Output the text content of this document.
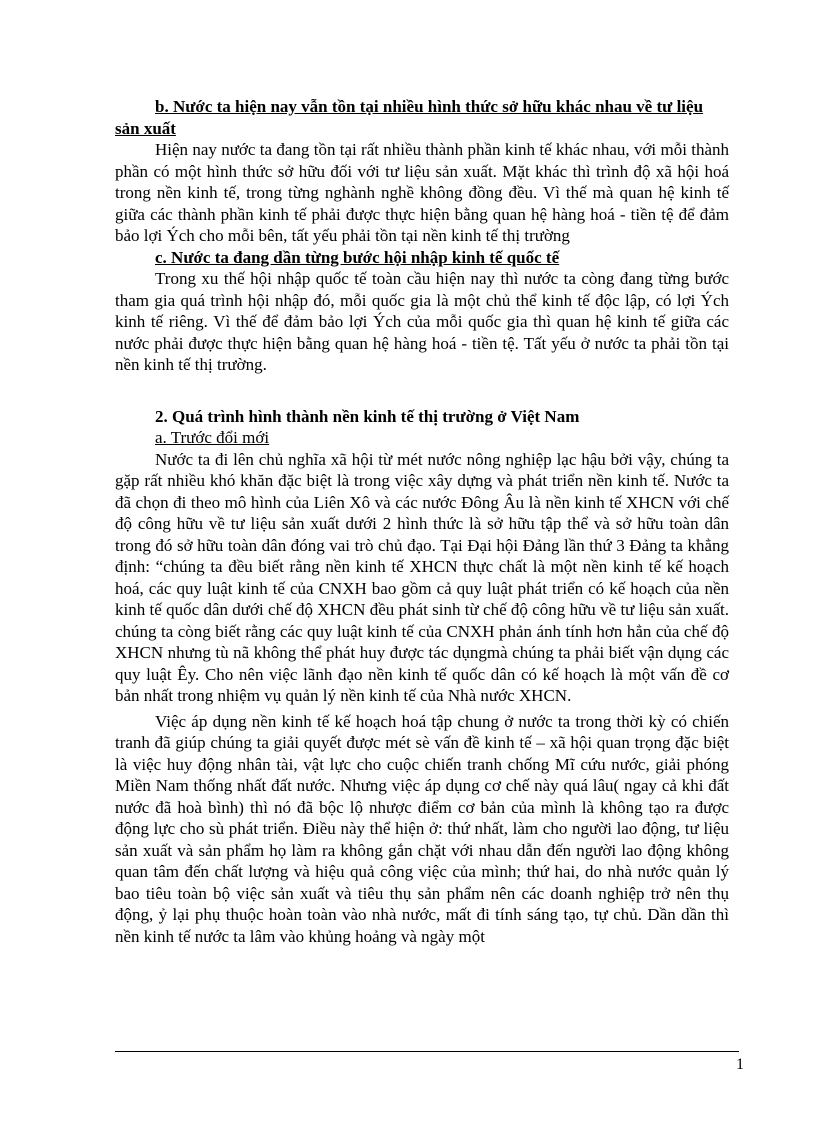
b. Nước ta hiện nay vẫn tồn tại nhiều hình thức sở hữu khác nhau về tư liệu sản xuất

Hiện nay nước ta đang tồn tại rất nhiều thành phần kinh tế khác nhau, với mỗi thành phần có một hình thức sở hữu đối với tư liệu sản xuất. Mặt khác thì trình độ xã hội hoá trong nền kinh tế, trong từng nghành nghề không đồng đều. Vì thế mà quan hệ kinh tế giữa các thành phần kinh tế phải được thực hiện bằng quan hệ hàng hoá - tiền tệ để đảm bảo lợi Ých cho mỗi bên, tất yếu phải tồn tại nền kinh tế thị trường

c. Nước ta đang dần từng bước hội nhập kinh tế quốc tế

Trong xu thế hội nhập quốc tế toàn cầu hiện nay thì nước ta còng đang từng bước tham gia quá trình hội nhập đó, mỗi quốc gia là một chủ thể kinh tế độc lập, có lợi Ých kinh tế riêng. Vì thế để đảm bảo lợi Ých của mỗi quốc gia thì quan hệ kinh tế giữa các nước phải được thực hiện bằng quan hệ hàng hoá - tiền tệ. Tất yếu ở nước ta phải tồn tại nền kinh tế thị trường.

2. Quá trình hình thành nền kinh tế thị trường ở Việt Nam

a. Trước đổi mới

Nước ta đi lên chủ nghĩa xã hội từ mét nước nông nghiệp lạc hậu bởi vậy, chúng ta gặp rất nhiều khó khăn đặc biệt là trong việc xây dựng và phát triển nền kinh tế. Nước ta đã chọn đi theo mô hình của Liên Xô và các nước Đông Âu là nền kinh tế XHCN với chế độ công hữu về tư liệu sản xuất dưới 2 hình thức là sở hữu tập thể và sở hữu toàn dân trong đó sở hữu toàn dân đóng vai trò chủ đạo. Tại Đại hội Đảng lần thứ 3 Đảng ta khẳng định: “chúng ta đều biết rằng nền kinh tế XHCN thực chất là một nền kinh tế kế hoạch hoá, các quy luật kinh tế của CNXH bao gồm cả quy luật phát triển có kế hoạch của nền kinh tế quốc dân dưới chế độ XHCN đều phát sinh từ chế độ công hữu về tư liệu sản xuất. chúng ta còng biết rằng các quy luật kinh tế của CNXH phản ánh tính hơn hẳn của chế độ XHCN nhưng tù nã không thể phát huy được tác dụngmà chúng ta phải biết vận dụng các quy luật Êy. Cho nên việc lãnh đạo nền kinh tế quốc dân có kế hoạch là một vấn đề cơ bản nhất trong nhiệm vụ quản lý nền kinh tế của Nhà nước XHCN.

Việc áp dụng nền kinh tế kế hoạch hoá tập chung ở nước ta trong thời kỳ có chiến tranh đã giúp chúng ta giải quyết được mét sè vấn đề kinh tế – xã hội quan trọng đặc biệt là việc huy động nhân tài, vật lực cho cuộc chiến tranh chống Mĩ cứu nước, giải phóng Miền Nam thống nhất đất nước. Nhưng việc áp dụng cơ chế này quá lâu( ngay cả khi đất nước đã hoà bình) thì nó đã bộc lộ nhược điểm cơ bản của mình là không tạo ra được động lực cho sù phát triển. Điều này thể hiện ở: thứ nhất, làm cho người lao động, tư liệu sản xuất và sản phẩm họ làm ra không gắn chặt với nhau dẫn đến người lao động không quan tâm đến chất lượng và hiệu quả công việc của mình; thứ hai, do nhà nước quản lý bao tiêu toàn bộ việc sản xuất và tiêu thụ sản phẩm nên các doanh nghiệp trở nên thụ động, ỷ lại phụ thuộc hoàn toàn vào nhà nước, mất đi tính sáng tạo, tự chủ. Dần dần thì nền kinh tế nước ta lâm vào khủng hoảng và ngày một

1
